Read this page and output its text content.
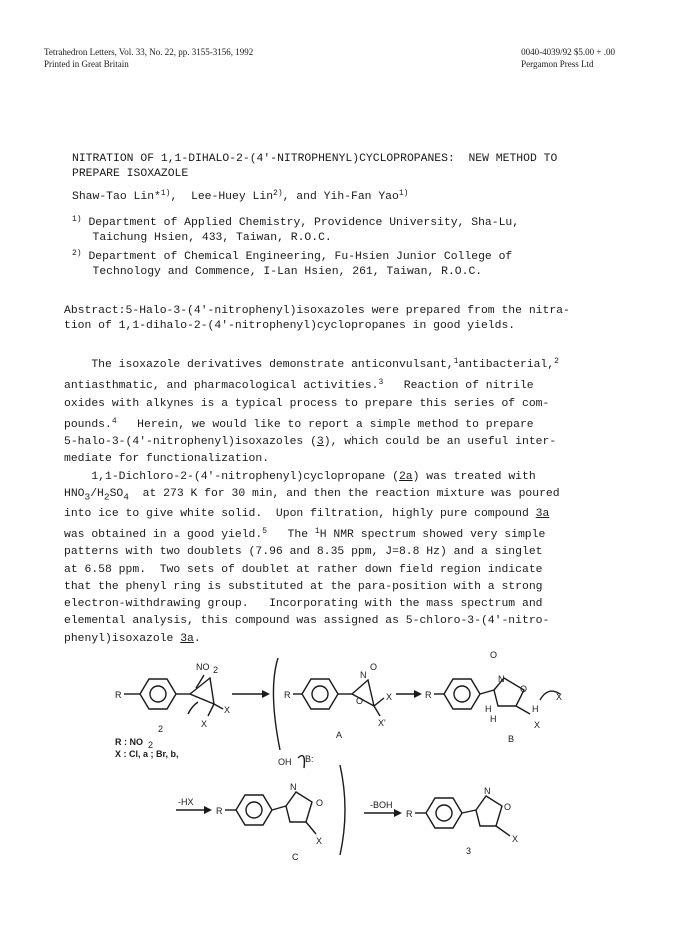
Tetrahedron Letters, Vol. 33, No. 22, pp. 3155-3156, 1992
Printed in Great Britain
0040-4039/92 $5.00 + .00
Pergamon Press Ltd
NITRATION OF 1,1-DIHALO-2-(4'-NITROPHENYL)CYCLOPROPANES:  NEW METHOD TO
PREPARE ISOXAZOLE
Shaw-Tao Lin*$^{1)}$,  Lee-Huey Lin$^{2)}$, and Yih-Fan Yao$^{1)}$
$^{1)}$ Department of Applied Chemistry, Providence University, Sha-Lu,
Taichung Hsien, 433, Taiwan, R.O.C.
$^{2)}$ Department of Chemical Engineering, Fu-Hsien Junior College of
Technology and Commence, I-Lan Hsien, 261, Taiwan, R.O.C.
Abstract:5-Halo-3-(4'-nitrophenyl)isoxazoles were prepared from the nitra-
tion of 1,1-dihalo-2-(4'-nitrophenyl)cyclopropanes in good yields.
The isoxazole derivatives demonstrate anticonvulsant,$^1$antibacterial,$^2$
antiasthmatic, and pharmacological activities.$^3$   Reaction of nitrile
oxides with alkynes is a typical process to prepare this series of com-
pounds.$^4$   Herein, we would like to report a simple method to prepare
5-halo-3-(4'-nitrophenyl)isoxazoles (3), which could be an useful inter-
mediate for functionalization.
1,1-Dichloro-2-(4'-nitrophenyl)cyclopropane (2a) was treated with
$HNO_3/H_2SO_4$  at 273 K for 30 min, and then the reaction mixture was poured
into ice to give white solid.  Upon filtration, highly pure compound 3a
was obtained in a good yield.$^5$   The $^1$H NMR spectrum showed very simple
patterns with two doublets (7.96 and 8.35 ppm, J=8.8 Hz) and a singlet
at 6.58 ppm.  Two sets of doublet at rather down field region indicate
that the phenyl ring is substituted at the para-position with a strong
electron-withdrawing group.   Incorporating with the mass spectrum and
elemental analysis, this compound was assigned as 5-chloro-3-(4'-nitro-
phenyl)isoxazole 3a.
R
NO 2
X
X
2
R : NO 2
X : Cl, a ; Br, b,
R
N
O
O	X
X'
A
R
O
N
O
H
H
H
X
X
B
-HX
R
N
O
OH B:
X
C
-BOH
R
N
O
X
3
